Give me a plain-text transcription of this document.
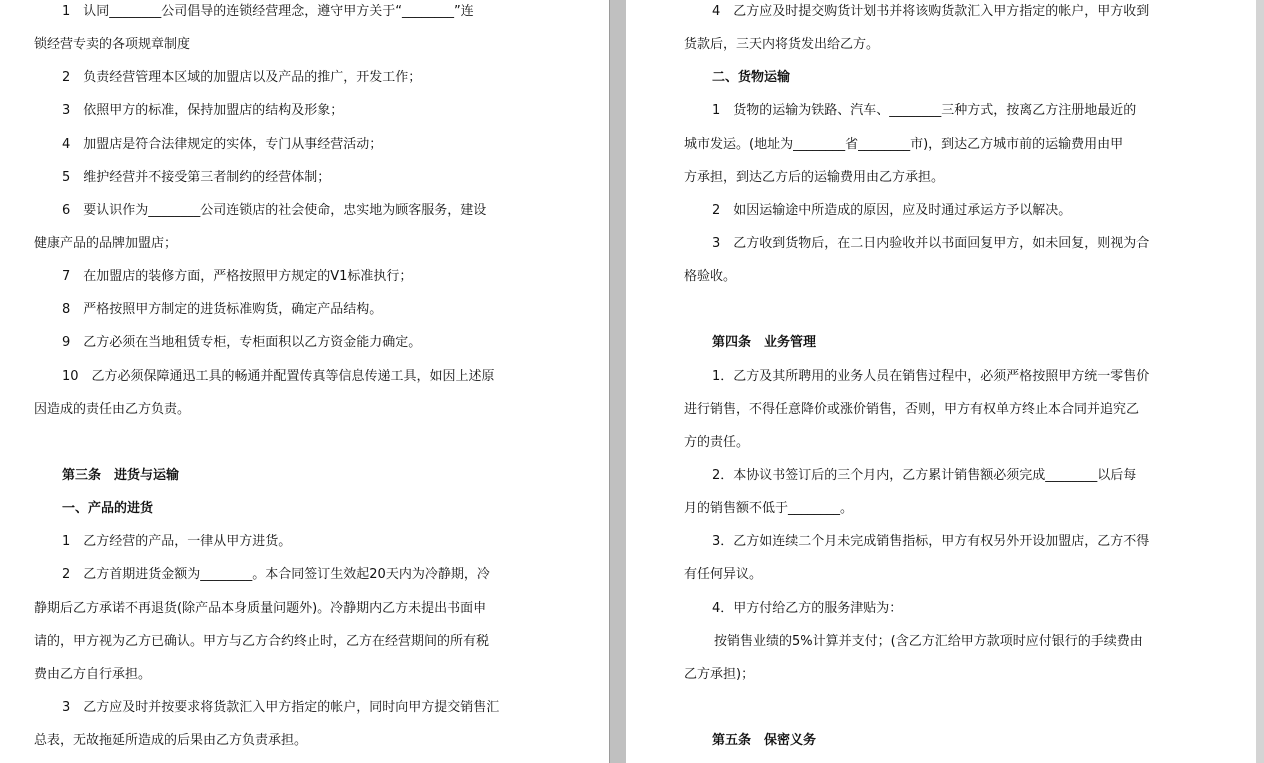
1　认同________公司倡导的连锁经营理念，遵守甲方关于“________”连
锁经营专卖的各项规章制度
2　负责经营管理本区域的加盟店以及产品的推广，开发工作；
3　依照甲方的标准，保持加盟店的结构及形象；
4　加盟店是符合法律规定的实体，专门从事经营活动；
5　维护经营并不接受第三者制约的经营体制；
6　要认识作为________公司连锁店的社会使命，忠实地为顾客服务，建设
健康产品的品牌加盟店；
7　在加盟店的装修方面，严格按照甲方规定的V1标准执行；
8　严格按照甲方制定的进货标准购货，确定产品结构。
9　乙方必须在当地租赁专柜，专柜面积以乙方资金能力确定。
10　乙方必须保障通迅工具的畅通并配置传真等信息传递工具，如因上述原
因造成的责任由乙方负责。
第三条　进货与运输
一、产品的进货
1　乙方经营的产品，一律从甲方进货。
2　乙方首期进货金额为________。本合同签订生效起20天内为冷静期，冷
静期后乙方承诺不再退货(除产品本身质量问题外)。冷静期内乙方未提出书面申
请的，甲方视为乙方已确认。甲方与乙方合约终止时，乙方在经营期间的所有税
费由乙方自行承担。
3　乙方应及时并按要求将货款汇入甲方指定的帐户，同时向甲方提交销售汇
总表，无故拖延所造成的后果由乙方负责承担。
4　乙方应及时提交购货计划书并将该购货款汇入甲方指定的帐户，甲方收到
货款后，三天内将货发出给乙方。
二、货物运输
1　货物的运输为铁路、汽车、________三种方式，按离乙方注册地最近的
城市发运。(地址为________省________市)，到达乙方城市前的运输费用由甲
方承担，到达乙方后的运输费用由乙方承担。
2　如因运输途中所造成的原因，应及时通过承运方予以解决。
3　乙方收到货物后，在二日内验收并以书面回复甲方，如未回复，则视为合
格验收。
第四条　业务管理
1．乙方及其所聘用的业务人员在销售过程中，必须严格按照甲方统一零售价
进行销售，不得任意降价或涨价销售，否则，甲方有权单方终止本合同并追究乙
方的责任。
2．本协议书签订后的三个月内，乙方累计销售额必须完成________以后每
月的销售额不低于________。
3．乙方如连续二个月未完成销售指标，甲方有权另外开设加盟店，乙方不得
有任何异议。
4．甲方付给乙方的服务津贴为：
按销售业绩的5%计算并支付；(含乙方汇给甲方款项时应付银行的手续费由
乙方承担)；
第五条　保密义务
